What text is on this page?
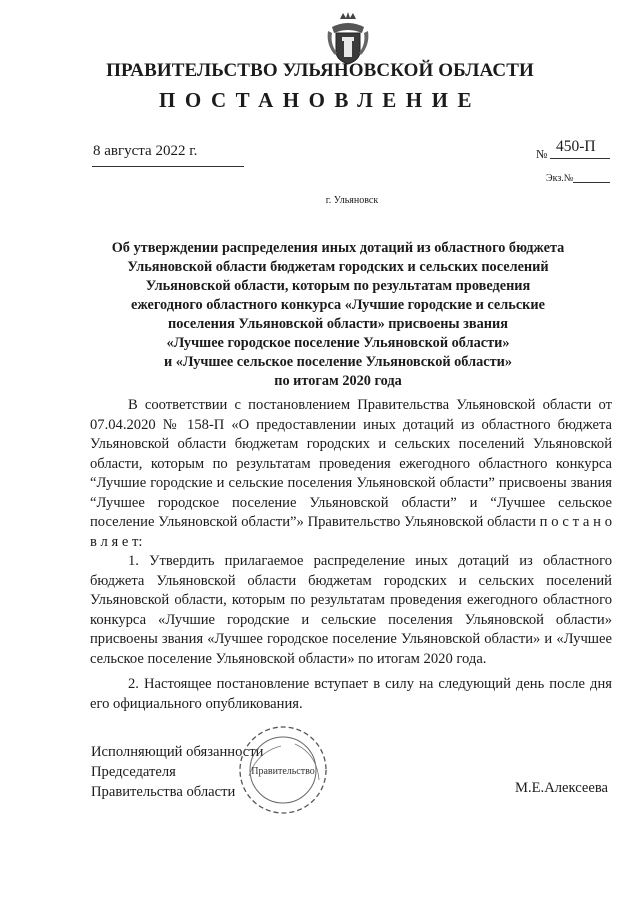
ПРАВИТЕЛЬСТВО УЛЬЯНОВСКОЙ ОБЛАСТИ
ПОСТАНОВЛЕНИЕ
8 августа 2022 г.	№ 450-П
Экз.№
г. Ульяновск
Об утверждении распределения иных дотаций из областного бюджета
Ульяновской области бюджетам городских и сельских поселений
Ульяновской области, которым по результатам проведения
ежегодного областного конкурса «Лучшие городские и сельские
поселения Ульяновской области» присвоены звания
«Лучшее городское поселение Ульяновской области»
и «Лучшее сельское поселение Ульяновской области»
по итогам 2020 года

В соответствии с постановлением Правительства Ульяновской области от 07.04.2020 № 158-П «О предоставлении иных дотаций из областного бюджета Ульяновской области бюджетам городских и сельских поселений Ульяновской области, которым по результатам проведения ежегодного областного конкурса “Лучшие городские и сельские поселения Ульяновской области” присвоены звания “Лучшее городское поселение Ульяновской области” и “Лучшее сельское поселение Ульяновской области”» Правительство Ульяновской области п о с т а н о в л я е т:

1. Утвердить прилагаемое распределение иных дотаций из областного бюджета Ульяновской области бюджетам городских и сельских поселений Ульяновской области, которым по результатам проведения ежегодного областного конкурса «Лучшие городские и сельские поселения Ульяновской области» присвоены звания «Лучшее городское поселение Ульяновской области» и «Лучшее сельское поселение Ульяновской области» по итогам 2020 года.

2. Настоящее постановление вступает в силу на следующий день после дня его официального опубликования.

Исполняющий обязанности
Председателя
Правительства области
Правительство
М.Е.Алексеева
